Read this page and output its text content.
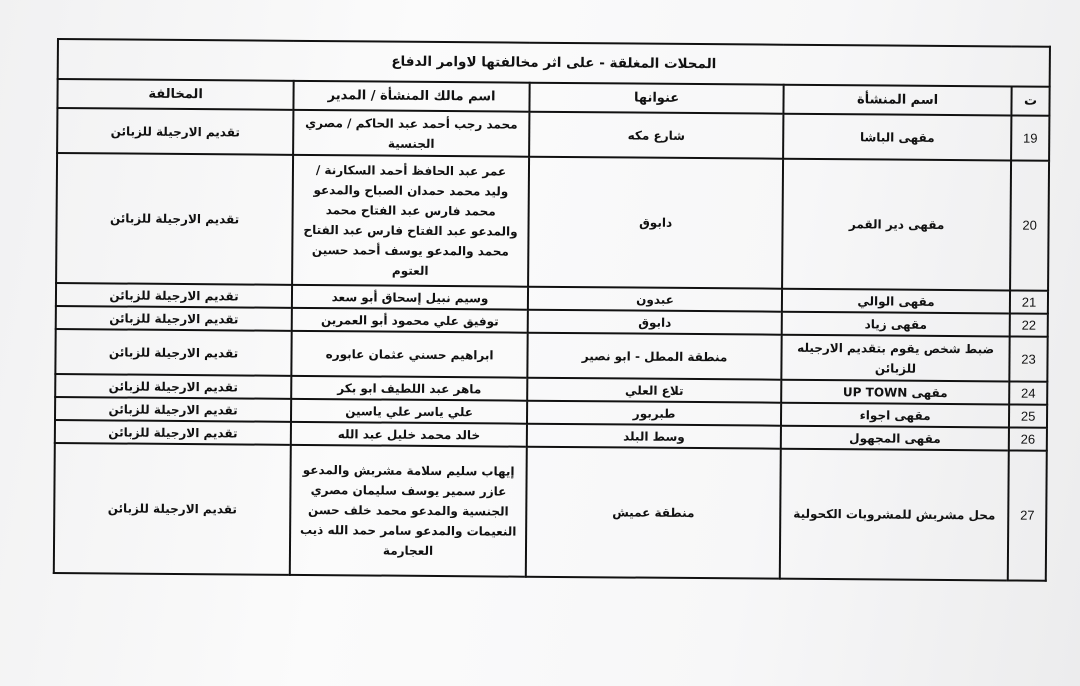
المحلات المغلقة - على اثر مخالفتها لاوامر الدفاع				
ت	اسم المنشأة	عنوانها	اسم مالك المنشأة / المدير	المخالفة
19	مقهى الباشا	شارع مكه	محمد رجب أحمد عبد الحاكم / مصري الجنسية	تقديم الارجيلة للزبائن
20	مقهى دير القمر	دابوق	عمر عبد الحافظ أحمد السكارنة / وليد محمد حمدان الصباح والمدعو محمد فارس عبد الفتاح محمد والمدعو عبد الفتاح فارس عبد الفتاح محمد والمدعو يوسف أحمد حسين العتوم	تقديم الارجيلة للزبائن
21	مقهى الوالي	عبدون	وسيم نبيل إسحاق أبو سعد	تقديم الارجيلة للزبائن
22	مقهى زياد	دابوق	توفيق علي محمود أبو العمرين	تقديم الارجيلة للزبائن
23	ضبط شخص يقوم بتقديم الارجيله للزبائن	منطقة المطل - ابو نصير	ابراهيم حسني عثمان عابوره	تقديم الارجيلة للزبائن
24	مقهى UP TOWN	تلاع العلي	ماهر عبد اللطيف ابو بكر	تقديم الارجيلة للزبائن
25	مقهى اجواء	طبربور	علي ياسر علي ياسين	تقديم الارجيلة للزبائن
26	مقهى المجهول	وسط البلد	خالد محمد خليل عبد الله	تقديم الارجيلة للزبائن
27	محل مشربش للمشروبات الكحولية	منطقة عميش	إيهاب سليم سلامة مشربش والمدعو عازر سمير يوسف سليمان مصري الجنسية والمدعو محمد خلف حسن النعيمات والمدعو سامر حمد الله ذيب العجارمة	تقديم الارجيلة للزبائن
